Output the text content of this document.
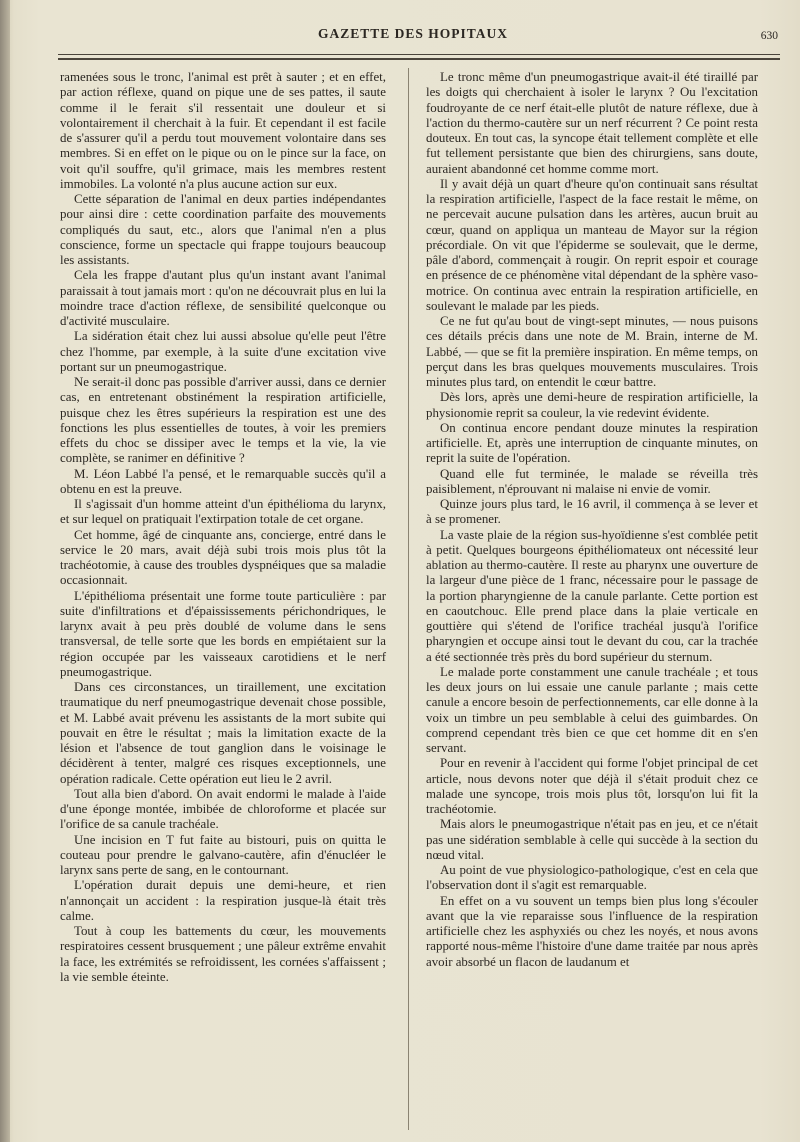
GAZETTE DES HOPITAUX	630

ramenées sous le tronc, l'animal est prêt à sauter ; et en effet, par action réflexe, quand on pique une de ses pattes, il saute comme il le ferait s'il ressentait une douleur et si volontairement il cherchait à la fuir. Et cependant il est facile de s'assurer qu'il a perdu tout mouvement volontaire dans ses membres. Si en effet on le pique ou on le pince sur la face, on voit qu'il souffre, qu'il grimace, mais les membres restent immobiles. La volonté n'a plus aucune action sur eux.

Cette séparation de l'animal en deux parties indépendantes pour ainsi dire : cette coordination parfaite des mouvements compliqués du saut, etc., alors que l'animal n'en a plus conscience, forme un spectacle qui frappe toujours beaucoup les assistants.

Cela les frappe d'autant plus qu'un instant avant l'animal paraissait à tout jamais mort : qu'on ne découvrait plus en lui la moindre trace d'action réflexe, de sensibilité quelconque ou d'activité musculaire.

La sidération était chez lui aussi absolue qu'elle peut l'être chez l'homme, par exemple, à la suite d'une excitation vive portant sur un pneumogastrique.

Ne serait-il donc pas possible d'arriver aussi, dans ce dernier cas, en entretenant obstinément la respiration artificielle, puisque chez les êtres supérieurs la respiration est une des fonctions les plus essentielles de toutes, à voir les premiers effets du choc se dissiper avec le temps et la vie, la vie complète, se ranimer en définitive ?

M. Léon Labbé l'a pensé, et le remarquable succès qu'il a obtenu en est la preuve.

Il s'agissait d'un homme atteint d'un épithélioma du larynx, et sur lequel on pratiquait l'extirpation totale de cet organe.

Cet homme, âgé de cinquante ans, concierge, entré dans le service le 20 mars, avait déjà subi trois mois plus tôt la trachéotomie, à cause des troubles dyspnéiques que sa maladie occasionnait.

L'épithélioma présentait une forme toute particulière : par suite d'infiltrations et d'épaississements périchondriques, le larynx avait à peu près doublé de volume dans le sens transversal, de telle sorte que les bords en empiétaient sur la région occupée par les vaisseaux carotidiens et le nerf pneumogastrique.

Dans ces circonstances, un tiraillement, une excitation traumatique du nerf pneumogastrique devenait chose possible, et M. Labbé avait prévenu les assistants de la mort subite qui pouvait en être le résultat ; mais la limitation exacte de la lésion et l'absence de tout ganglion dans le voisinage le décidèrent à tenter, malgré ces risques exceptionnels, une opération radicale. Cette opération eut lieu le 2 avril.

Tout alla bien d'abord. On avait endormi le malade à l'aide d'une éponge montée, imbibée de chloroforme et placée sur l'orifice de sa canule trachéale.

Une incision en T fut faite au bistouri, puis on quitta le couteau pour prendre le galvano-cautère, afin d'énucléer le larynx sans perte de sang, en le contournant.

L'opération durait depuis une demi-heure, et rien n'annonçait un accident : la respiration jusque-là était très calme.

Tout à coup les battements du cœur, les mouvements respiratoires cessent brusquement ; une pâleur extrême envahit la face, les extrémités se refroidissent, les cornées s'affaissent ; la vie semble éteinte.

Le tronc même d'un pneumogastrique avait-il été tiraillé par les doigts qui cherchaient à isoler le larynx ? Ou l'excitation foudroyante de ce nerf était-elle plutôt de nature réflexe, due à l'action du thermo-cautère sur un nerf récurrent ? Ce point resta douteux. En tout cas, la syncope était tellement complète et elle fut tellement persistante que bien des chirurgiens, sans doute, auraient abandonné cet homme comme mort.

Il y avait déjà un quart d'heure qu'on continuait sans résultat la respiration artificielle, l'aspect de la face restait le même, on ne percevait aucune pulsation dans les artères, aucun bruit au cœur, quand on appliqua un manteau de Mayor sur la région précordiale. On vit que l'épiderme se soulevait, que le derme, pâle d'abord, commençait à rougir. On reprit espoir et courage en présence de ce phénomène vital dépendant de la sphère vaso-motrice. On continua avec entrain la respiration artificielle, en soulevant le malade par les pieds.

Ce ne fut qu'au bout de vingt-sept minutes, — nous puisons ces détails précis dans une note de M. Brain, interne de M. Labbé, — que se fit la première inspiration. En même temps, on perçut dans les bras quelques mouvements musculaires. Trois minutes plus tard, on entendit le cœur battre.

Dès lors, après une demi-heure de respiration artificielle, la physionomie reprit sa couleur, la vie redevint évidente.

On continua encore pendant douze minutes la respiration artificielle. Et, après une interruption de cinquante minutes, on reprit la suite de l'opération.

Quand elle fut terminée, le malade se réveilla très paisiblement, n'éprouvant ni malaise ni envie de vomir.

Quinze jours plus tard, le 16 avril, il commença à se lever et à se promener.

La vaste plaie de la région sus-hyoïdienne s'est comblée petit à petit. Quelques bourgeons épithéliomateux ont nécessité leur ablation au thermo-cautère. Il reste au pharynx une ouverture de la largeur d'une pièce de 1 franc, nécessaire pour le passage de la portion pharyngienne de la canule parlante. Cette portion est en caoutchouc. Elle prend place dans la plaie verticale en gouttière qui s'étend de l'orifice trachéal jusqu'à l'orifice pharyngien et occupe ainsi tout le devant du cou, car la trachée a été sectionnée très près du bord supérieur du sternum.

Le malade porte constamment une canule trachéale ; et tous les deux jours on lui essaie une canule parlante ; mais cette canule a encore besoin de perfectionnements, car elle donne à la voix un timbre un peu semblable à celui des guimbardes. On comprend cependant très bien ce que cet homme dit en s'en servant.

Pour en revenir à l'accident qui forme l'objet principal de cet article, nous devons noter que déjà il s'était produit chez ce malade une syncope, trois mois plus tôt, lorsqu'on lui fit la trachéotomie.

Mais alors le pneumogastrique n'était pas en jeu, et ce n'était pas une sidération semblable à celle qui succède à la section du nœud vital.

Au point de vue physiologico-pathologique, c'est en cela que l'observation dont il s'agit est remarquable.

En effet on a vu souvent un temps bien plus long s'écouler avant que la vie reparaisse sous l'influence de la respiration artificielle chez les asphyxiés ou chez les noyés, et nous avons rapporté nous-même l'histoire d'une dame traitée par nous après avoir absorbé un flacon de laudanum et
